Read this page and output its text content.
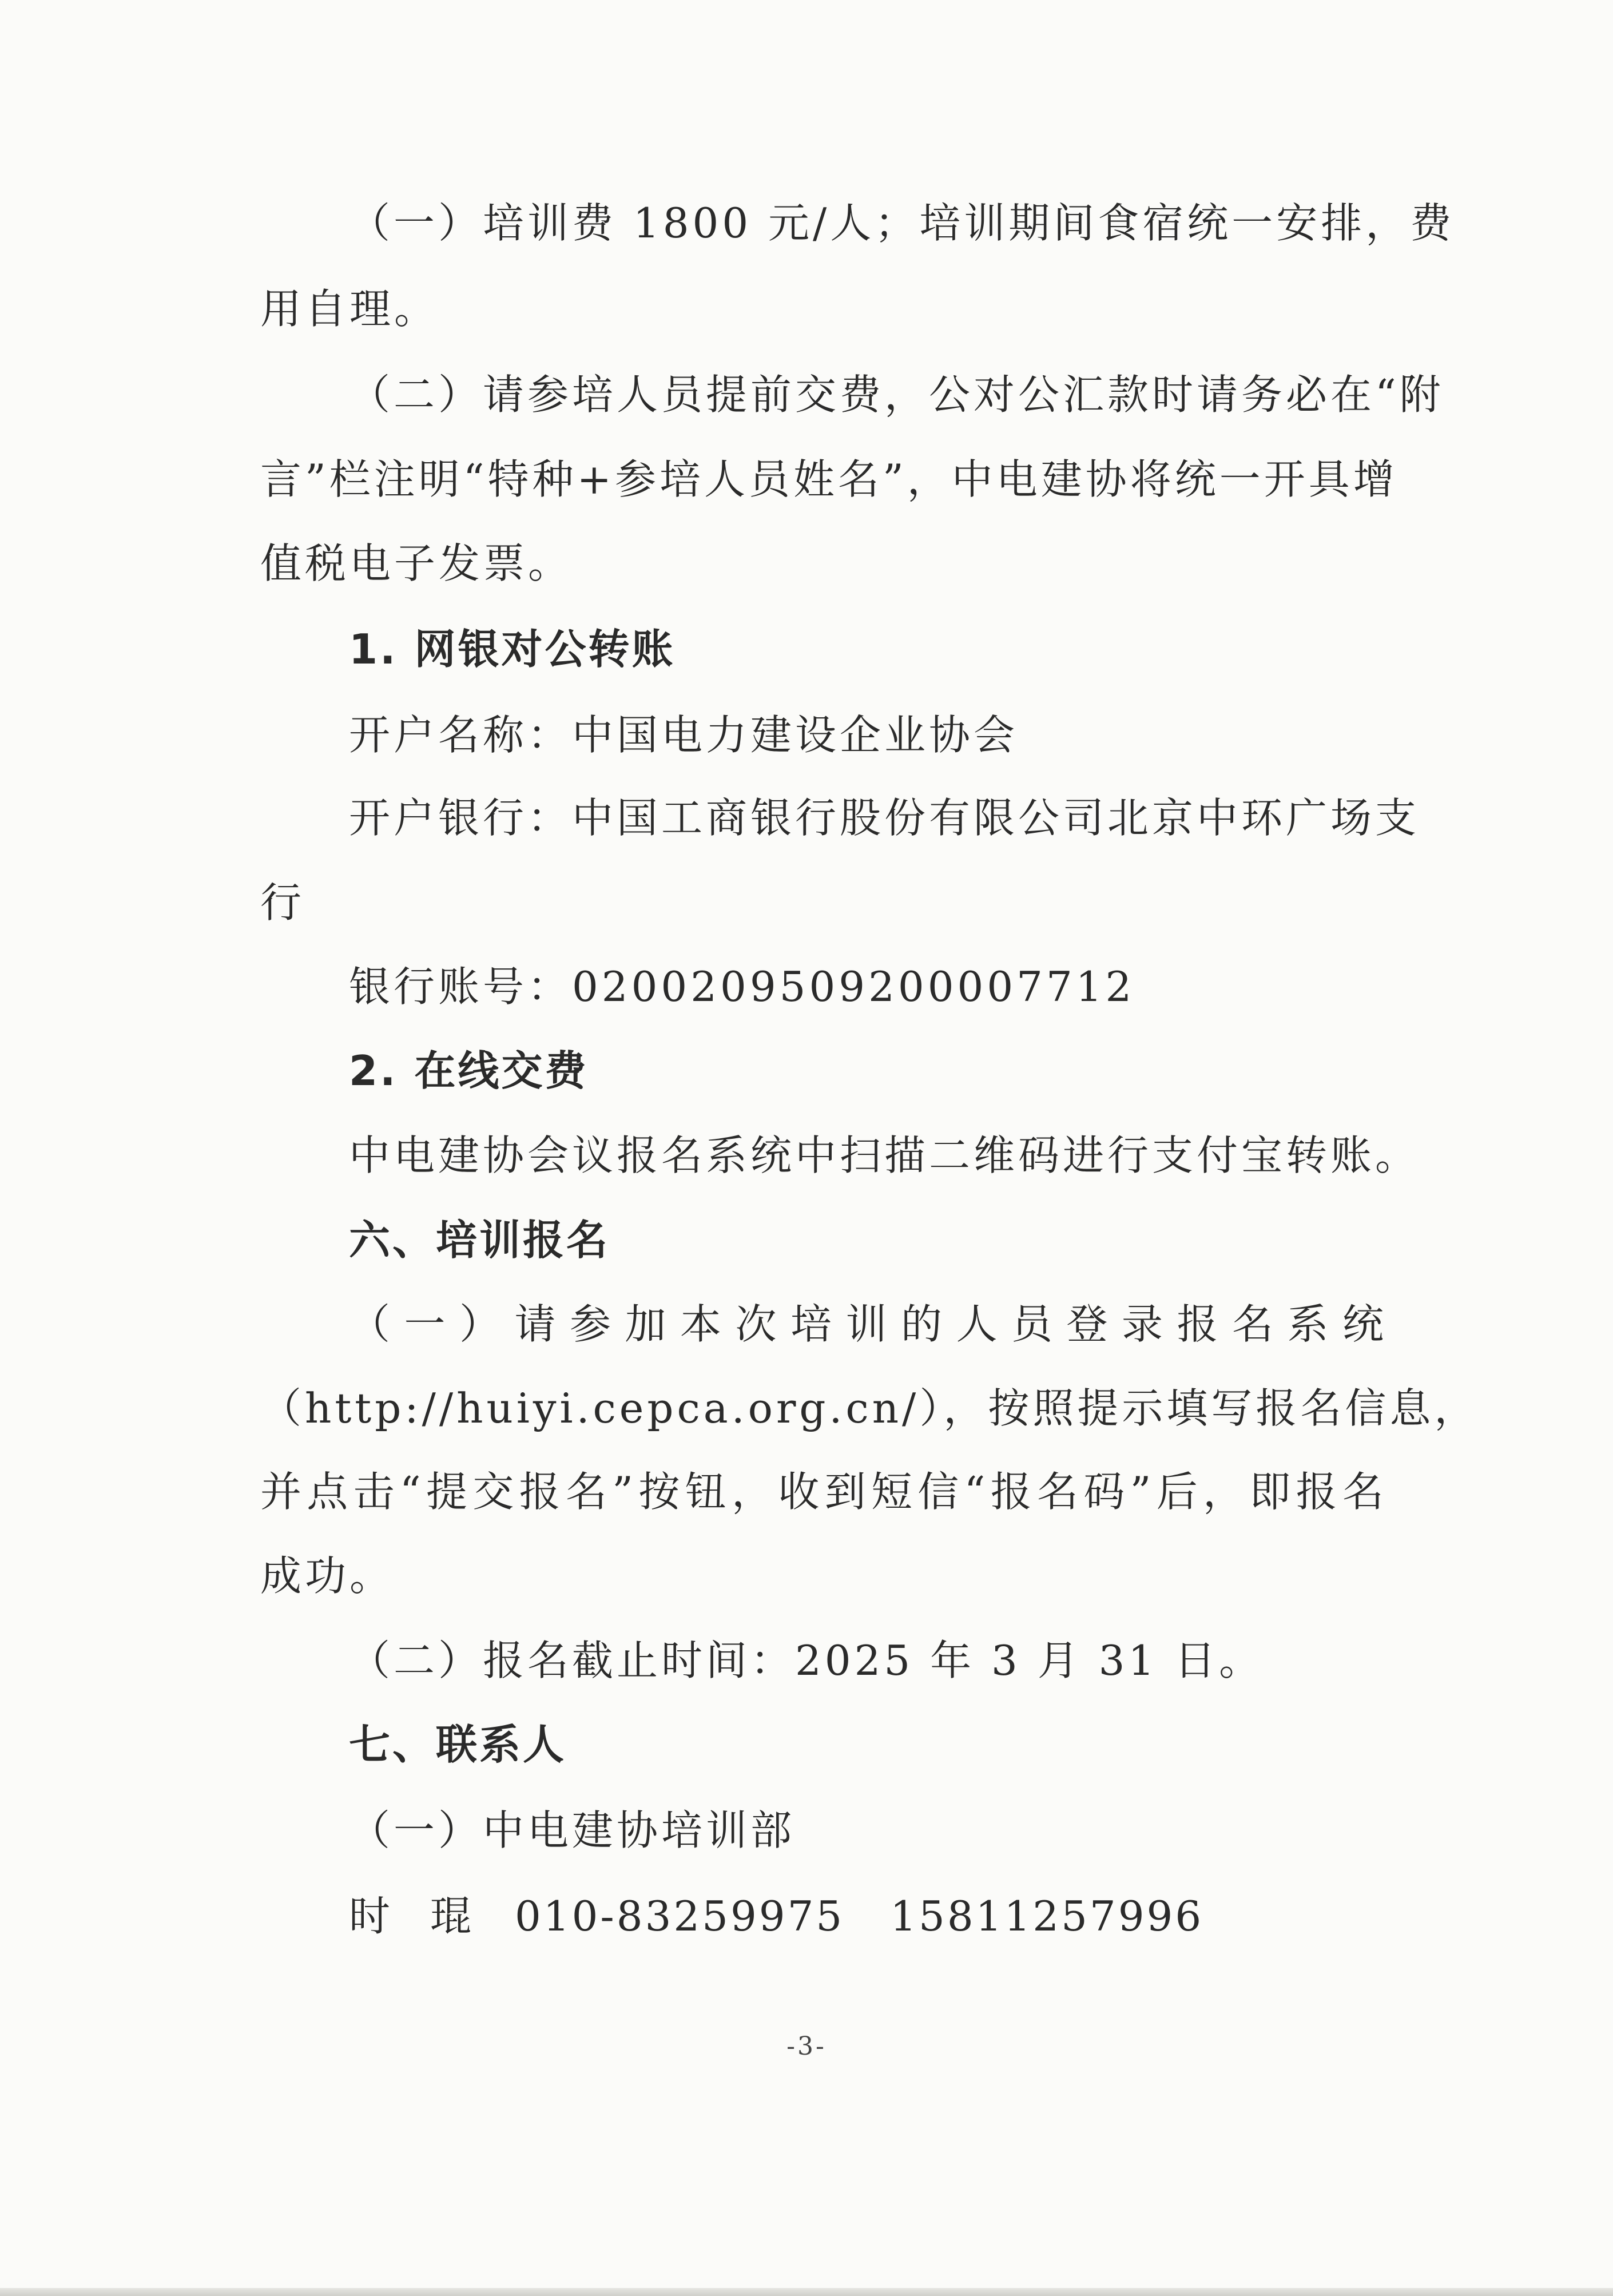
（一）培训费 1800 元/人；培训期间食宿统一安排，费
用自理。
（二）请参培人员提前交费，公对公汇款时请务必在“附
言”栏注明“特种+参培人员姓名”，中电建协将统一开具增
值税电子发票。
1. 网银对公转账
开户名称：中国电力建设企业协会
开户银行：中国工商银行股份有限公司北京中环广场支
行
银行账号：0200209509200007712
2. 在线交费
中电建协会议报名系统中扫描二维码进行支付宝转账。
六、培训报名
（一）请参加本次培训的人员登录报名系统
（http://huiyi.cepca.org.cn/），按照提示填写报名信息，
并点击“提交报名”按钮，收到短信“报名码”后，即报名
成功。
（二）报名截止时间：2025 年 3 月 31 日。
七、联系人
（一）中电建协培训部
时琨010-83259975 15811257996
-3-
